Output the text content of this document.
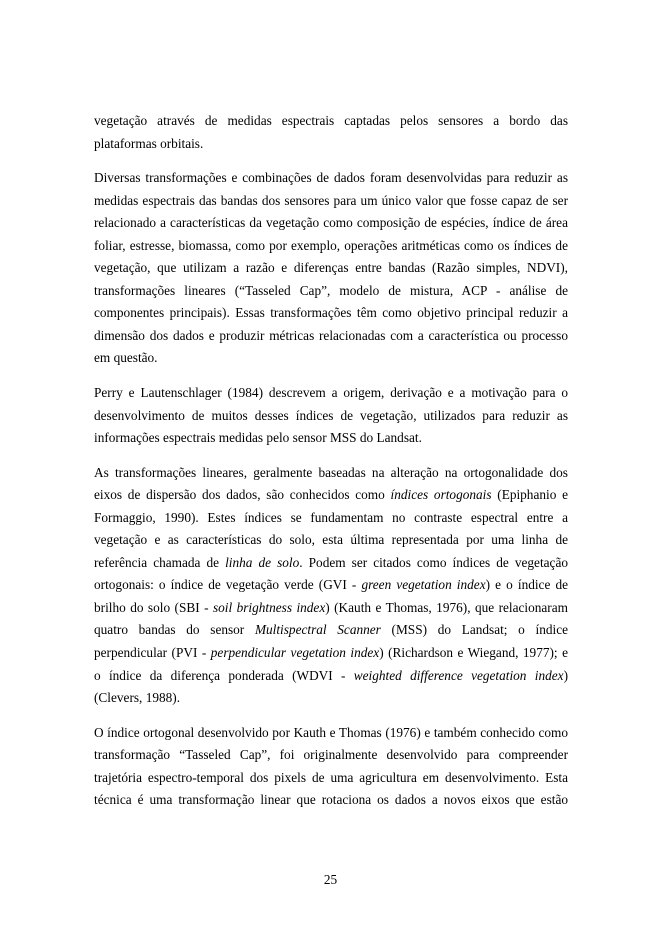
vegetação através de medidas espectrais captadas pelos sensores a bordo das
plataformas orbitais.

Diversas transformações e combinações de dados foram desenvolvidas para reduzir as
medidas espectrais das bandas dos sensores para um único valor que fosse capaz de ser
relacionado a características da vegetação como composição de espécies, índice de área
foliar, estresse, biomassa, como por exemplo, operações aritméticas como os índices de
vegetação, que utilizam a razão e diferenças entre bandas (Razão simples, NDVI),
transformações lineares (“Tasseled Cap”, modelo de mistura, ACP - análise de
componentes principais). Essas transformações têm como objetivo principal reduzir a
dimensão dos dados e produzir métricas relacionadas com a característica ou processo
em questão.

Perry e Lautenschlager (1984) descrevem a origem, derivação e a motivação para o
desenvolvimento de muitos desses índices de vegetação, utilizados para reduzir as
informações espectrais medidas pelo sensor MSS do Landsat.

As transformações lineares, geralmente baseadas na alteração na ortogonalidade dos
eixos de dispersão dos dados, são conhecidos como índices ortogonais (Epiphanio e
Formaggio, 1990). Estes índices se fundamentam no contraste espectral entre a
vegetação e as características do solo, esta última representada por uma linha de
referência chamada de linha de solo. Podem ser citados como índices de vegetação
ortogonais: o índice de vegetação verde (GVI - green vegetation index) e o índice de
brilho do solo (SBI - soil brightness index) (Kauth e Thomas, 1976), que relacionaram
quatro bandas do sensor Multispectral Scanner (MSS) do Landsat; o índice
perpendicular (PVI - perpendicular vegetation index) (Richardson e Wiegand, 1977); e
o índice da diferença ponderada (WDVI - weighted difference vegetation index)
(Clevers, 1988).

O índice ortogonal desenvolvido por Kauth e Thomas (1976) e também conhecido como
transformação “Tasseled Cap”, foi originalmente desenvolvido para compreender
trajetória espectro-temporal dos pixels de uma agricultura em desenvolvimento. Esta
técnica é uma transformação linear que rotaciona os dados a novos eixos que estão

25
